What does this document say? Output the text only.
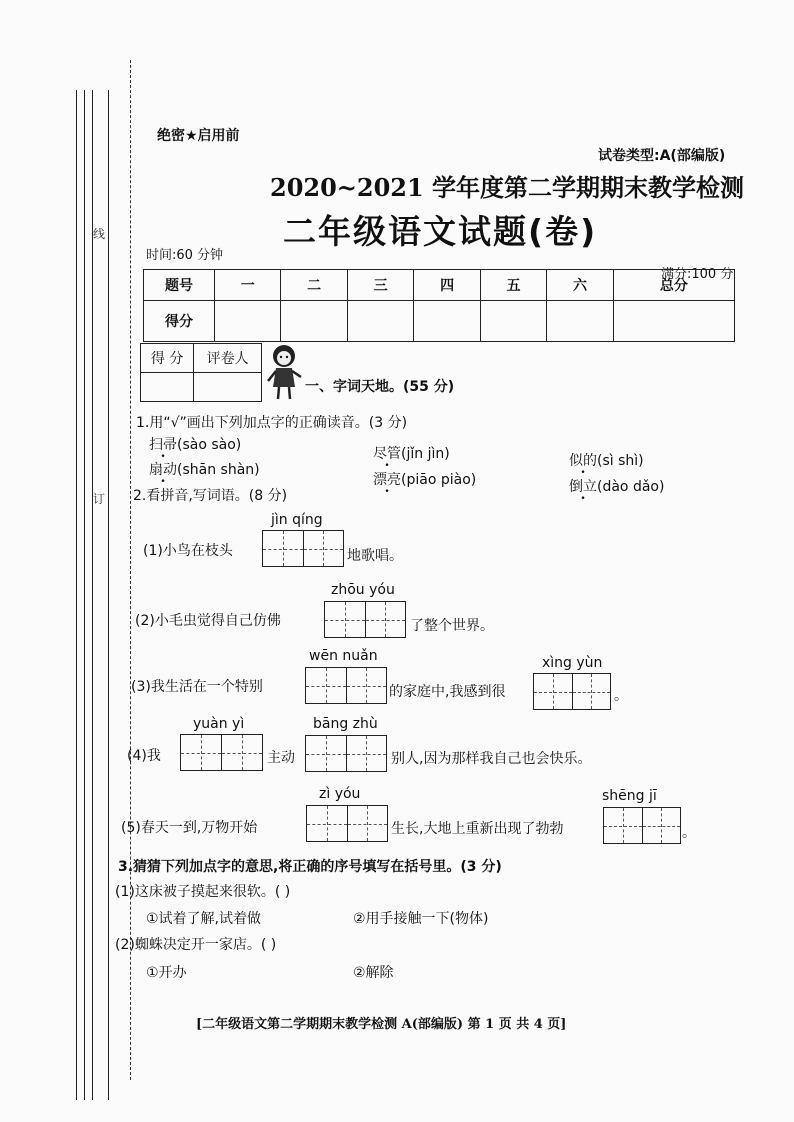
线
订
绝密★启用前
试卷类型:A(部编版)
2020~2021 学年度第二学期期末教学检测
二年级语文试题(卷)
时间:60 分钟
满分:100 分
题号	一	二	三	四	五	六	总分
得分							
得 分	评卷人

一、字词天地。(55 分)
1.用“√”画出下列加点字的正确读音。(3 分)
扫帚(sào sào)
尽管(jǐn jìn)	似的(sì shì)
扇动(shān shàn)
漂亮(piāo piào)	倒立(dào dǎo)
2.看拼音,写词语。(8 分)
jìn qíng
(1)小鸟在枝头	地歌唱。
zhōu yóu
(2)小毛虫觉得自己仿佛	了整个世界。
wēn nuǎn	xìng yùn
(3)我生活在一个特别	的家庭中,我感到很	。
yuàn yì	bāng zhù
(4)我	主动	别人,因为那样我自己也会快乐。
zì yóu	shēng jī
(5)春天一到,万物开始	生长,大地上重新出现了勃勃	。
3.猜猜下列加点字的意思,将正确的序号填写在括号里。(3 分)
(1)这床被子摸起来很软。( )
①试着了解,试着做	②用手接触一下(物体)
(2)蜘蛛决定开一家店。( )
①开办	②解除
[二年级语文第二学期期末教学检测 A(部编版) 第 1 页 共 4 页]
